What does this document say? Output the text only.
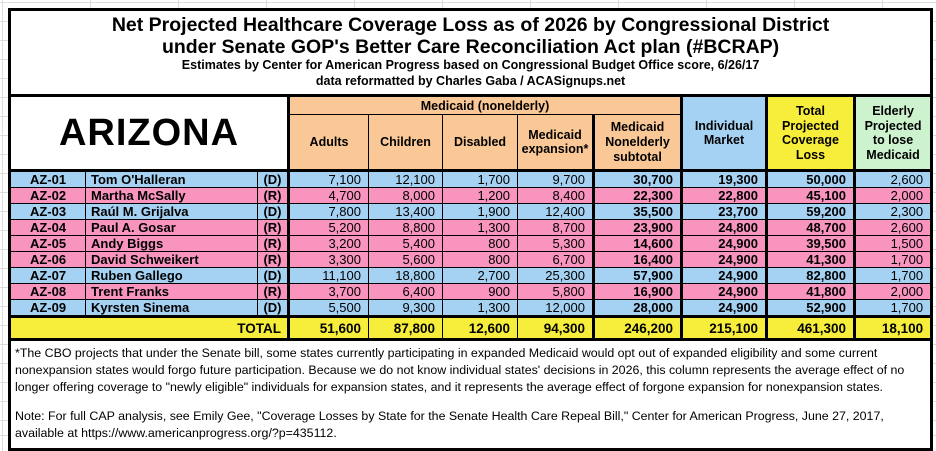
Net Projected Healthcare Coverage Loss as of 2026 by Congressional District
under Senate GOP's Better Care Reconciliation Act plan (#BCRAP)
Estimates by Center for American Progress based on Congressional Budget Office score, 6/26/17
data reformatted by Charles Gaba / ACASignups.net										

ARIZONA			Medicaid (nonelderly)					Individual Market	Total Projected Coverage Loss	Elderly Projected to lose Medicaid
			Adults	Children	Disabled	Medicaid expansion*	Medicaid Nonelderly subtotal			
AZ-01	Tom O'Halleran	(D)	7,100	12,100	1,700	9,700	30,700	19,300	50,000	2,600
AZ-02	Martha McSally	(R)	4,700	8,000	1,200	8,400	22,300	22,800	45,100	2,000
AZ-03	Raúl M. Grijalva	(D)	7,800	13,400	1,900	12,400	35,500	23,700	59,200	2,300
AZ-04	Paul A. Gosar	(R)	5,200	8,800	1,300	8,700	23,900	24,800	48,700	2,600
AZ-05	Andy Biggs	(R)	3,200	5,400	800	5,300	14,600	24,900	39,500	1,500
AZ-06	David Schweikert	(R)	3,300	5,600	800	6,700	16,400	24,900	41,300	1,700
AZ-07	Ruben Gallego	(D)	11,100	18,800	2,700	25,300	57,900	24,900	82,800	1,700
AZ-08	Trent Franks	(R)	3,700	6,400	900	5,800	16,900	24,900	41,800	2,000
AZ-09	Kyrsten Sinema	(D)	5,500	9,300	1,300	12,000	28,000	24,900	52,900	1,700
TOTAL			51,600	87,800	12,600	94,300	246,200	215,100	461,300	18,100

*The CBO projects that under the Senate bill, some states currently participating in expanded Medicaid would opt out of expanded eligibility and some current nonexpansion states would forgo future participation. Because we do not know individual states' decisions in 2026, this column represents the average effect of no longer offering coverage to "newly eligible" individuals for expansion states, and it represents the average effect of forgone expansion for nonexpansion states.

Note: For full CAP analysis, see Emily Gee, "Coverage Losses by State for the Senate Health Care Repeal Bill," Center for American Progress, June 27, 2017, available at https://www.americanprogress.org/?p=435112.										
